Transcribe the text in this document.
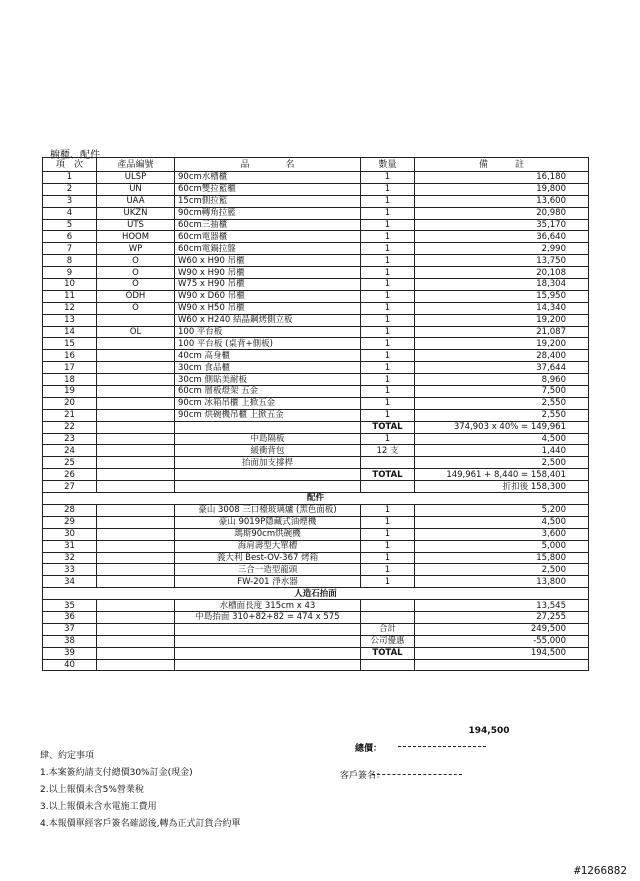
櫥櫃、配件
項　次	產品編號	品　　　　名	數量	備　　　註
1	ULSP	90cm水槽櫃	1	16,180
2	UN	60cm雙拉籃櫃	1	19,800
3	UAA	15cm側拉籃	1	13,600
4	UKZN	90cm轉角拉籃	1	20,980
5	UTS	60cm三抽櫃	1	35,170
6	HOOM	60cm電器櫃	1	36,640
7	WP	60cm電鍋拉盤	1	2,990
8	O	W60 x H90 吊櫃	1	13,750
9	O	W90 x H90 吊櫃	1	20,108
10	O	W75 x H90 吊櫃	1	18,304
11	ODH	W90 x D60 吊櫃	1	15,950
12	O	W90 x H50 吊櫃	1	14,340
13		W60 x H240 結晶鋼烤側立板	1	19,200
14	OL	100 平台板	1	21,087
15		100 平台板 (桌背+側板)	1	19,200
16		40cm 高身櫃	1	28,400
17		30cm 食品櫃	1	37,644
18		30cm 側貼美耐板	1	8,960
19		60cm 層板燈架 五金	1	7,500
20		90cm 冰箱吊櫃 上掀五金	1	2,550
21		90cm 烘碗機吊櫃 上掀五金	1	2,550
22			TOTAL	374,903 x 40% = 149,961
23		中島隔板	1	4,500
24		緩衝背包	12 支	1,440
25		抬面加支撐桿		2,500
26			TOTAL	149,961 + 8,440 = 158,401
27				折扣後 158,300
配件				
28		豪山 3008 三口檯玻璃爐 (黑色面板)	1	5,200
29		豪山 9019P隱藏式油煙機	1	4,500
30		瑪斯90cm烘碗機	1	3,600
31		海肩壽型大單槽	1	5,000
32		義大利 Best-OV-367 烤箱	1	15,800
33		三合一造型龍頭	1	2,500
34		FW-201 淨水器	1	13,800
人造石抬面				
35		水槽面長度 315cm x 43		13,545
36		中島抬面 310+82+82 = 474 x 575		27,255
37			合計	249,500
38			公司優惠	-55,000
39			TOTAL	194,500
40				
194,500
總價：
客戶簽名：
肆、約定事項
1.本案簽約請支付總價30%訂金(現金)
2.以上報價未含5%營業稅
3.以上報價未含水電施工費用
4.本報價單經客戶簽名確認後,轉為正式訂貨合約單
#1266882
